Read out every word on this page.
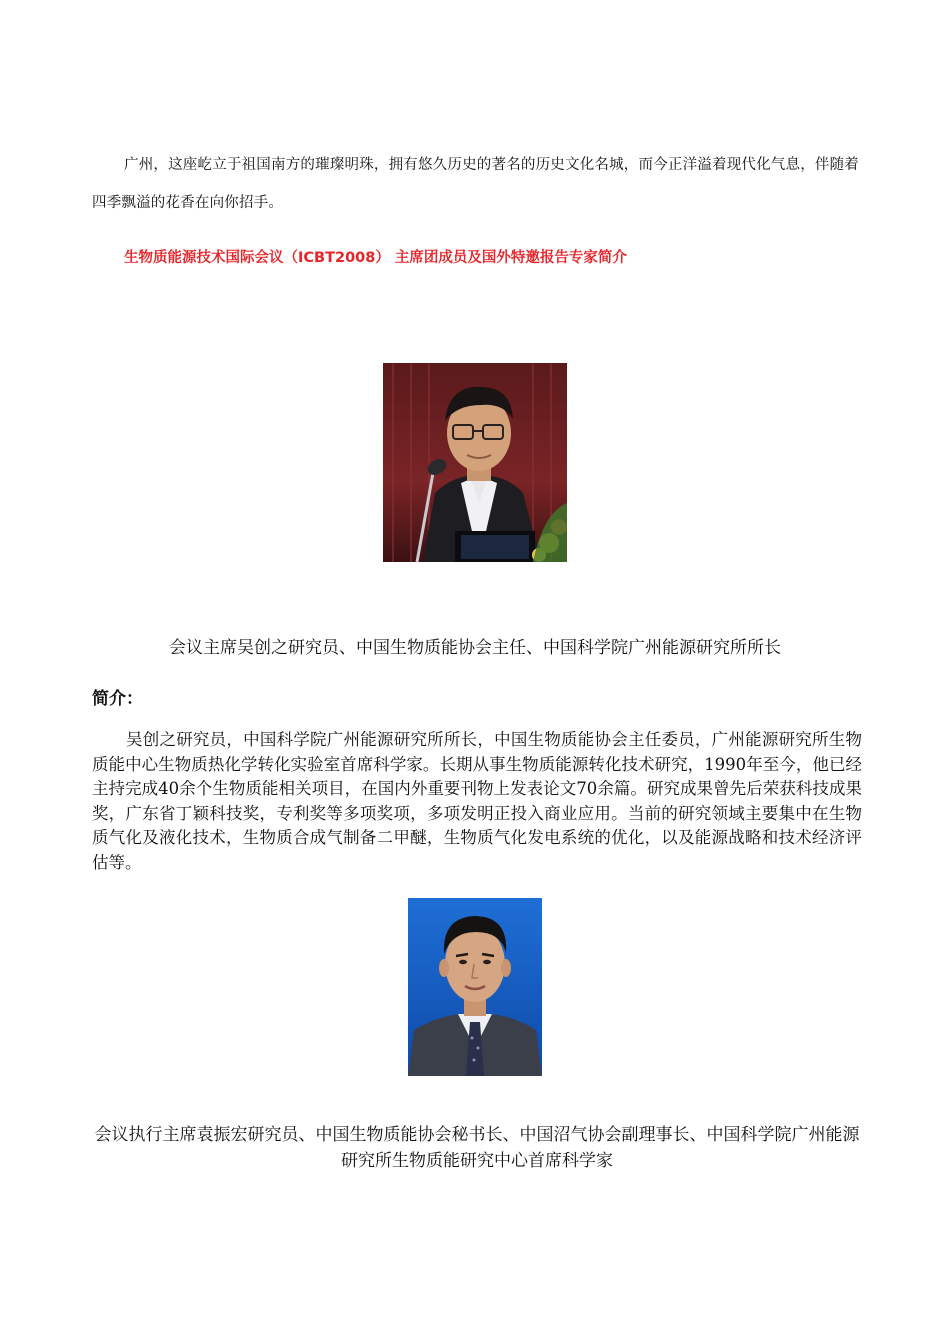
广州，这座屹立于祖国南方的璀璨明珠，拥有悠久历史的著名的历史文化名城，而今正洋溢着现代化气息，伴随着四季飘溢的花香在向你招手。

生物质能源技术国际会议（ICBT2008） 主席团成员及国外特邀报告专家简介

会议主席吴创之研究员、中国生物质能协会主任、中国科学院广州能源研究所所长

简介：

吴创之研究员，中国科学院广州能源研究所所长，中国生物质能协会主任委员，广州能源研究所生物质能中心生物质热化学转化实验室首席科学家。长期从事生物质能源转化技术研究，1990年至今，他已经主持完成40余个生物质能相关项目，在国内外重要刊物上发表论文70余篇。研究成果曾先后荣获科技成果奖，广东省丁颖科技奖，专利奖等多项奖项，多项发明正投入商业应用。当前的研究领域主要集中在生物质气化及液化技术，生物质合成气制备二甲醚，生物质气化发电系统的优化，以及能源战略和技术经济评估等。

会议执行主席袁振宏研究员、中国生物质能协会秘书长、中国沼气协会副理事长、中国科学院广州能源研究所生物质能研究中心首席科学家
